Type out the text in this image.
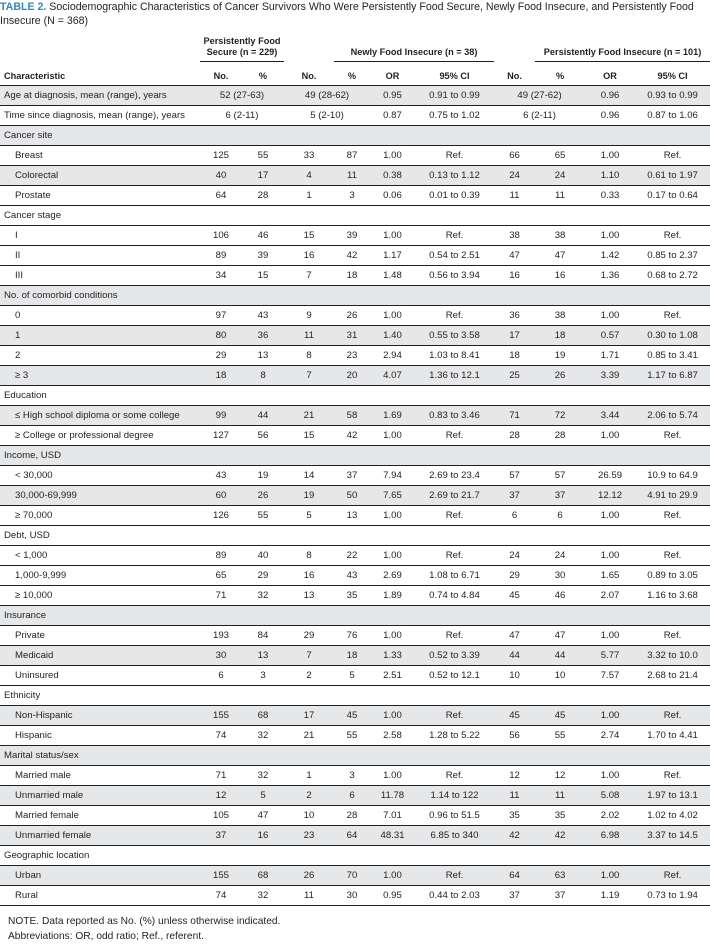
TABLE 2. Sociodemographic Characteristics of Cancer Survivors Who Were Persistently Food Secure, Newly Food Insecure, and Persistently Food Insecure (N = 368)
	Persistently Food Secure (n = 229)			Newly Food Insecure (n = 38)				Persistently Food Insecure (n = 101)		
Characteristic	No.	%	No.	%	OR	95% CI	No.	%	OR	95% CI
Age at diagnosis, mean (range), years	52 (27-63)		49 (28-62)		0.95	0.91 to 0.99	49 (27-62)		0.96	0.93 to 0.99
Time since diagnosis, mean (range), years	6 (2-11)		5 (2-10)		0.87	0.75 to 1.02	6 (2-11)		0.96	0.87 to 1.06
Cancer site										
Breast	125	55	33	87	1.00	Ref.	66	65	1.00	Ref.
Colorectal	40	17	4	11	0.38	0.13 to 1.12	24	24	1.10	0.61 to 1.97
Prostate	64	28	1	3	0.06	0.01 to 0.39	11	11	0.33	0.17 to 0.64
Cancer stage										
I	106	46	15	39	1.00	Ref.	38	38	1.00	Ref.
II	89	39	16	42	1.17	0.54 to 2.51	47	47	1.42	0.85 to 2.37
III	34	15	7	18	1.48	0.56 to 3.94	16	16	1.36	0.68 to 2.72
No. of comorbid conditions										
0	97	43	9	26	1.00	Ref.	36	38	1.00	Ref.
1	80	36	11	31	1.40	0.55 to 3.58	17	18	0.57	0.30 to 1.08
2	29	13	8	23	2.94	1.03 to 8.41	18	19	1.71	0.85 to 3.41
≥ 3	18	8	7	20	4.07	1.36 to 12.1	25	26	3.39	1.17 to 6.87
Education										
≤ High school diploma or some college	99	44	21	58	1.69	0.83 to 3.46	71	72	3.44	2.06 to 5.74
≥ College or professional degree	127	56	15	42	1.00	Ref.	28	28	1.00	Ref.
Income, USD										
< 30,000	43	19	14	37	7.94	2.69 to 23.4	57	57	26.59	10.9 to 64.9
30,000-69,999	60	26	19	50	7.65	2.69 to 21.7	37	37	12.12	4.91 to 29.9
≥ 70,000	126	55	5	13	1.00	Ref.	6	6	1.00	Ref.
Debt, USD										
< 1,000	89	40	8	22	1.00	Ref.	24	24	1.00	Ref.
1,000-9,999	65	29	16	43	2.69	1.08 to 6.71	29	30	1.65	0.89 to 3.05
≥ 10,000	71	32	13	35	1.89	0.74 to 4.84	45	46	2.07	1.16 to 3.68
Insurance										
Private	193	84	29	76	1.00	Ref.	47	47	1.00	Ref.
Medicaid	30	13	7	18	1.33	0.52 to 3.39	44	44	5.77	3.32 to 10.0
Uninsured	6	3	2	5	2.51	0.52 to 12.1	10	10	7.57	2.68 to 21.4
Ethnicity										
Non-Hispanic	155	68	17	45	1.00	Ref.	45	45	1.00	Ref.
Hispanic	74	32	21	55	2.58	1.28 to 5.22	56	55	2.74	1.70 to 4.41
Marital status/sex										
Married male	71	32	1	3	1.00	Ref.	12	12	1.00	Ref.
Unmarried male	12	5	2	6	11.78	1.14 to 122	11	11	5.08	1.97 to 13.1
Married female	105	47	10	28	7.01	0.96 to 51.5	35	35	2.02	1.02 to 4.02
Unmarried female	37	16	23	64	48.31	6.85 to 340	42	42	6.98	3.37 to 14.5
Geographic location										
Urban	155	68	26	70	1.00	Ref.	64	63	1.00	Ref.
Rural	74	32	11	30	0.95	0.44 to 2.03	37	37	1.19	0.73 to 1.94
NOTE. Data reported as No. (%) unless otherwise indicated.
Abbreviations: OR, odd ratio; Ref., referent.
